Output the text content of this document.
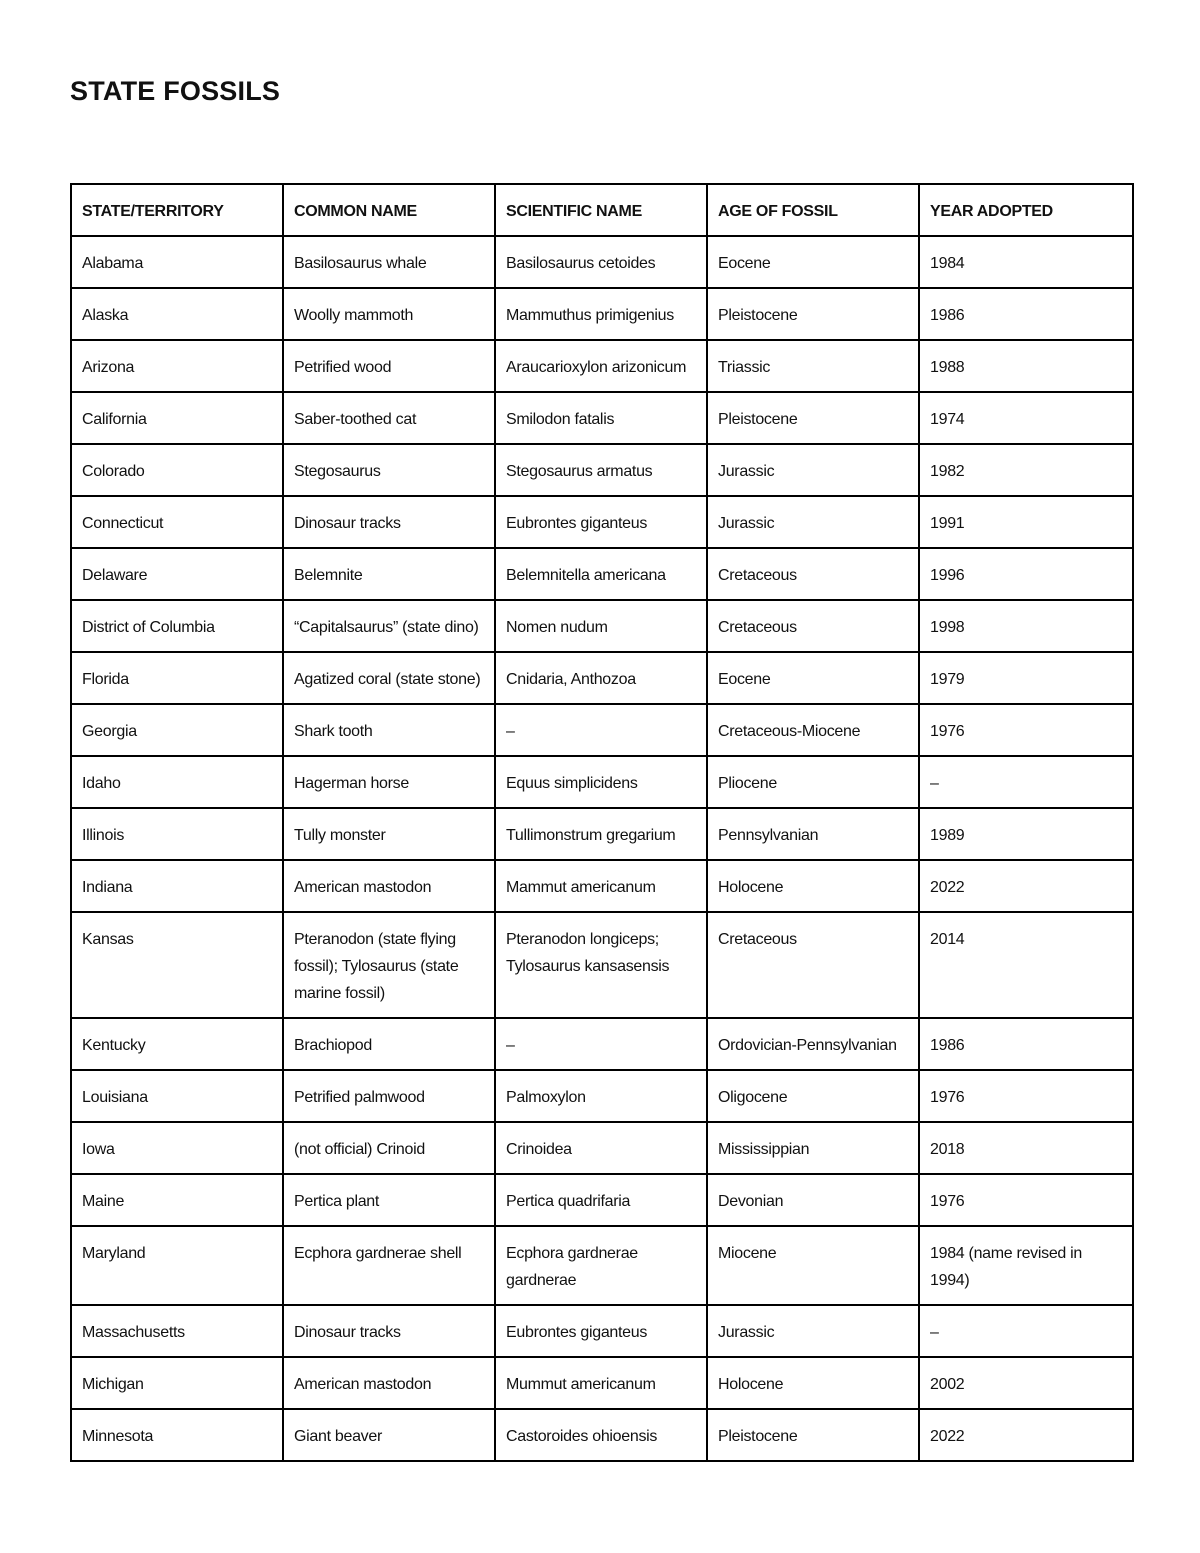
STATE FOSSILS
STATE/TERRITORY	COMMON NAME	SCIENTIFIC NAME	AGE OF FOSSIL	YEAR ADOPTED
Alabama	Basilosaurus whale	Basilosaurus cetoides	Eocene	1984
Alaska	Woolly mammoth	Mammuthus primigenius	Pleistocene	1986
Arizona	Petrified wood	Araucarioxylon arizonicum	Triassic	1988
California	Saber-toothed cat	Smilodon fatalis	Pleistocene	1974
Colorado	Stegosaurus	Stegosaurus armatus	Jurassic	1982
Connecticut	Dinosaur tracks	Eubrontes giganteus	Jurassic	1991
Delaware	Belemnite	Belemnitella americana	Cretaceous	1996
District of Columbia	“Capitalsaurus” (state dino)	Nomen nudum	Cretaceous	1998
Florida	Agatized coral (state stone)	Cnidaria, Anthozoa	Eocene	1979
Georgia	Shark tooth	–	Cretaceous-Miocene	1976
Idaho	Hagerman horse	Equus simplicidens	Pliocene	–
Illinois	Tully monster	Tullimonstrum gregarium	Pennsylvanian	1989
Indiana	American mastodon	Mammut americanum	Holocene	2022
Kansas	Pteranodon (state flying fossil); Tylosaurus (state marine fossil)	Pteranodon longiceps; Tylosaurus kansasensis	Cretaceous	2014
Kentucky	Brachiopod	–	Ordovician-Pennsylvanian	1986
Louisiana	Petrified palmwood	Palmoxylon	Oligocene	1976
Iowa	(not official) Crinoid	Crinoidea	Mississippian	2018
Maine	Pertica plant	Pertica quadrifaria	Devonian	1976
Maryland	Ecphora gardnerae shell	Ecphora gardnerae gardnerae	Miocene	1984 (name revised in 1994)
Massachusetts	Dinosaur tracks	Eubrontes giganteus	Jurassic	–
Michigan	American mastodon	Mummut americanum	Holocene	2002
Minnesota	Giant beaver	Castoroides ohioensis	Pleistocene	2022
